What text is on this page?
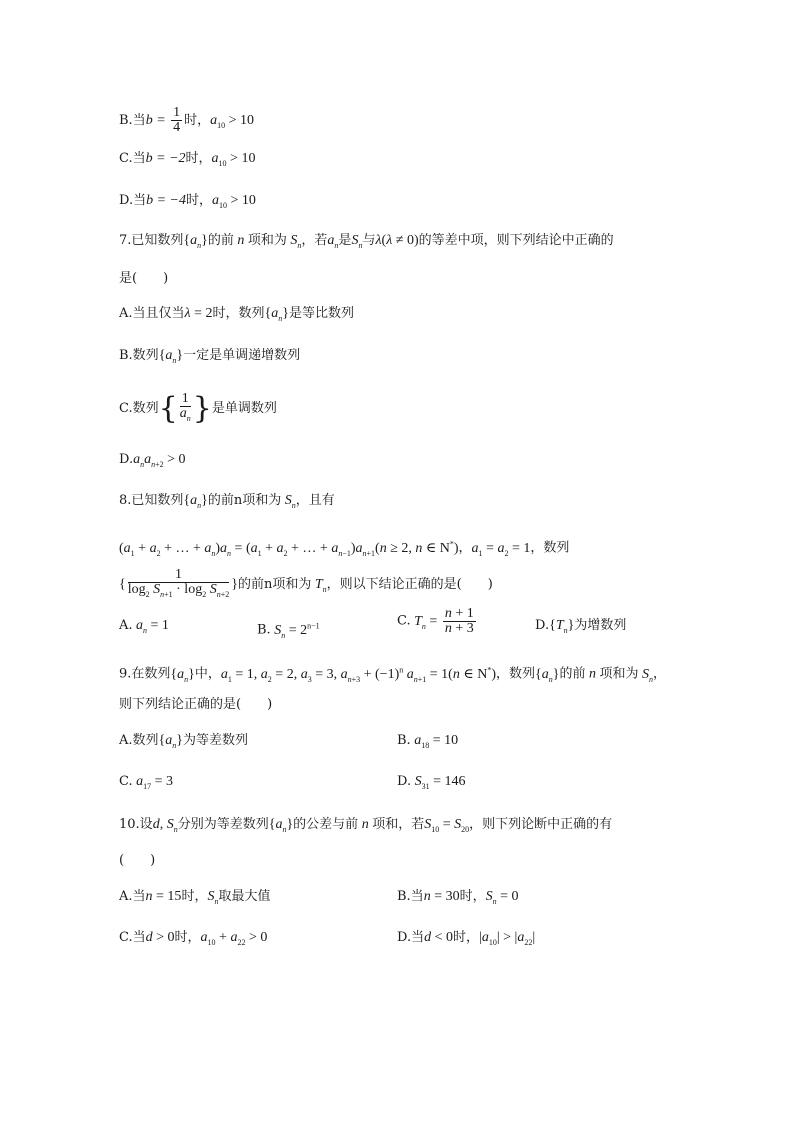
B.当$b = \frac{1}{4}$ 时，$a_{10} > 10$
C.当b = −2时，$a_{10} > 10$
D.当b = −4时，$a_{10} > 10$
7.已知数列$\{a_n\}$的前 n 项和为 $S_n$，若$a_n$是$S_n$与λ(λ ≠ 0)的等差中项，则下列结论中正确的
是(　　)
A.当且仅当λ = 2时，数列$\{a_n\}$是等比数列
B.数列$\{a_n\}$一定是单调递增数列
C.数列{ $\frac{1}{a_n}$ }是单调数列
$D.a_na_{n+2} > 0$
8.已知数列$\{a_n\}$的前n项和为 $S_n$，且有
($a_1 + a_2$ + … + $a_n)a_n = (a_1 + a_2$ + … + $a_{n-1})a_{n+1}(n \ge 2$, n ∈ N*)，$a_1 = a_2 = 1$，数列
{ $\frac{1}{\log_2 S_{n+1} \cdot \log_2 S_{n+2}}$ }的前n项和为 $T_n$，则以下结论正确的是(　　)
A. $a_n = 1$	B. $S_n = 2^{n-1}$	C. $T_n = \frac{n + 1}{n + 3}$	$D.\{T_n\}$为增数列
9.在数列$\{a_n\}$中，$a_1 = 1$, $a_2 = 2$, $a_3 = 3$, $a_{n+3} + (-1)^n$ $a_{n+1} = 1(n$ ∈ N*)，数列$\{a_n\}$的前 n 项和为 $S_n$，
则下列结论正确的是(　　)
A.数列$\{a_n\}$为等差数列	B. $a_{18} = 10$
C. $a_{17} = 3$	D. $S_{31} = 146$
10.设d, $S_n$分别为等差数列$\{a_n\}$的公差与前 n 项和，若$S_{10} = S_{20}$，则下列论断中正确的有
(　　)
A.当n = 15时，$S_n$取最大值	B.当n = 30时，$S_n = 0$
C.当d > 0时，$a_{10} + a_{22} > 0$	D.当d < 0时，$|a_{10}| > |a_{22}|$
